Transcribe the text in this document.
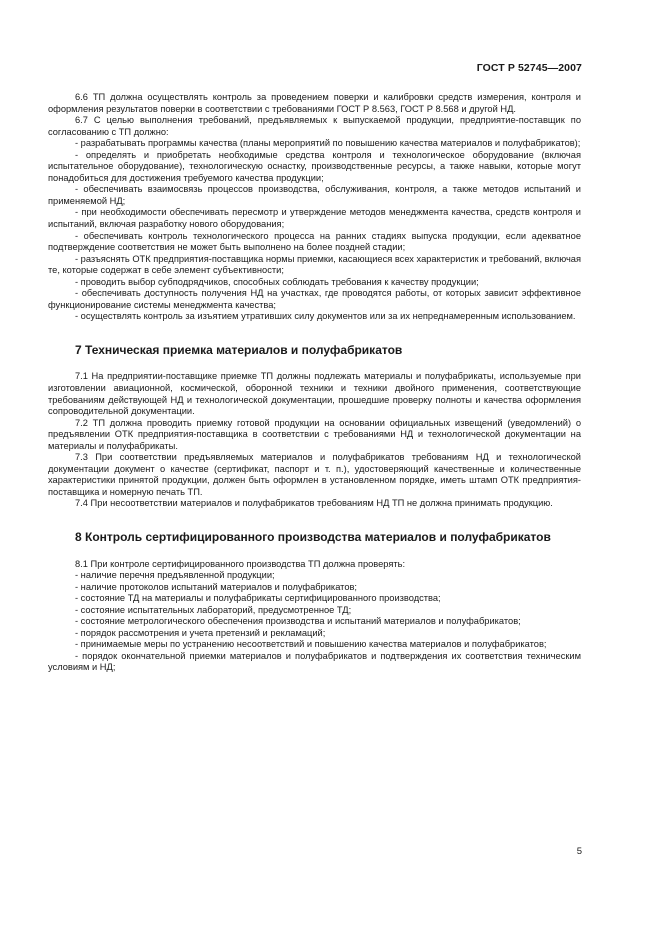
ГОСТ Р 52745—2007

6.6 ТП должна осуществлять контроль за проведением поверки и калибровки средств измерения, контроля и оформления результатов поверки в соответствии с требованиями ГОСТ Р 8.563, ГОСТ Р 8.568 и другой НД.

6.7 С целью выполнения требований, предъявляемых к выпускаемой продукции, предприятие-поставщик по согласованию с ТП должно:

- разрабатывать программы качества (планы мероприятий по повышению качества материалов и полуфабрикатов);

- определять и приобретать необходимые средства контроля и технологическое оборудование (включая испытательное оборудование), технологическую оснастку, производственные ресурсы, а также навыки, которые могут понадобиться для достижения требуемого качества продукции;

- обеспечивать взаимосвязь процессов производства, обслуживания, контроля, а также методов испытаний и применяемой НД;

- при необходимости обеспечивать пересмотр и утверждение методов менеджмента качества, средств контроля и испытаний, включая разработку нового оборудования;

- обеспечивать контроль технологического процесса на ранних стадиях выпуска продукции, если адекватное подтверждение соответствия не может быть выполнено на более поздней стадии;

- разъяснять ОТК предприятия-поставщика нормы приемки, касающиеся всех характеристик и требований, включая те, которые содержат в себе элемент субъективности;

- проводить выбор субподрядчиков, способных соблюдать требования к качеству продукции;

- обеспечивать доступность получения НД на участках, где проводятся работы, от которых зависит эффективное функционирование системы менеджмента качества;

- осуществлять контроль за изъятием утративших силу документов или за их непреднамеренным использованием.

7 Техническая приемка материалов и полуфабрикатов

7.1 На предприятии-поставщике приемке ТП должны подлежать материалы и полуфабрикаты, используемые при изготовлении авиационной, космической, оборонной техники и техники двойного применения, соответствующие требованиям действующей НД и технологической документации, прошедшие проверку полноты и качества оформления сопроводительной документации.

7.2 ТП должна проводить приемку готовой продукции на основании официальных извещений (уведомлений) о предъявлении ОТК предприятия-поставщика в соответствии с требованиями НД и технологической документации на материалы и полуфабрикаты.

7.3 При соответствии предъявляемых материалов и полуфабрикатов требованиям НД и технологической документации документ о качестве (сертификат, паспорт и т. п.), удостоверяющий качественные и количественные характеристики принятой продукции, должен быть оформлен в установленном порядке, иметь штамп ОТК предприятия-поставщика и номерную печать ТП.

7.4 При несоответствии материалов и полуфабрикатов требованиям НД ТП не должна принимать продукцию.

8 Контроль сертифицированного производства материалов и полуфабрикатов

8.1 При контроле сертифицированного производства ТП должна проверять:

- наличие перечня предъявленной продукции;

- наличие протоколов испытаний материалов и полуфабрикатов;

- состояние ТД на материалы и полуфабрикаты сертифицированного производства;

- состояние испытательных лабораторий, предусмотренное ТД;

- состояние метрологического обеспечения производства и испытаний материалов и полуфабрикатов;

- порядок рассмотрения и учета претензий и рекламаций;

- принимаемые меры по устранению несоответствий и повышению качества материалов и полуфабрикатов;

- порядок окончательной приемки материалов и полуфабрикатов и подтверждения их соответствия техническим условиям и НД;

5
